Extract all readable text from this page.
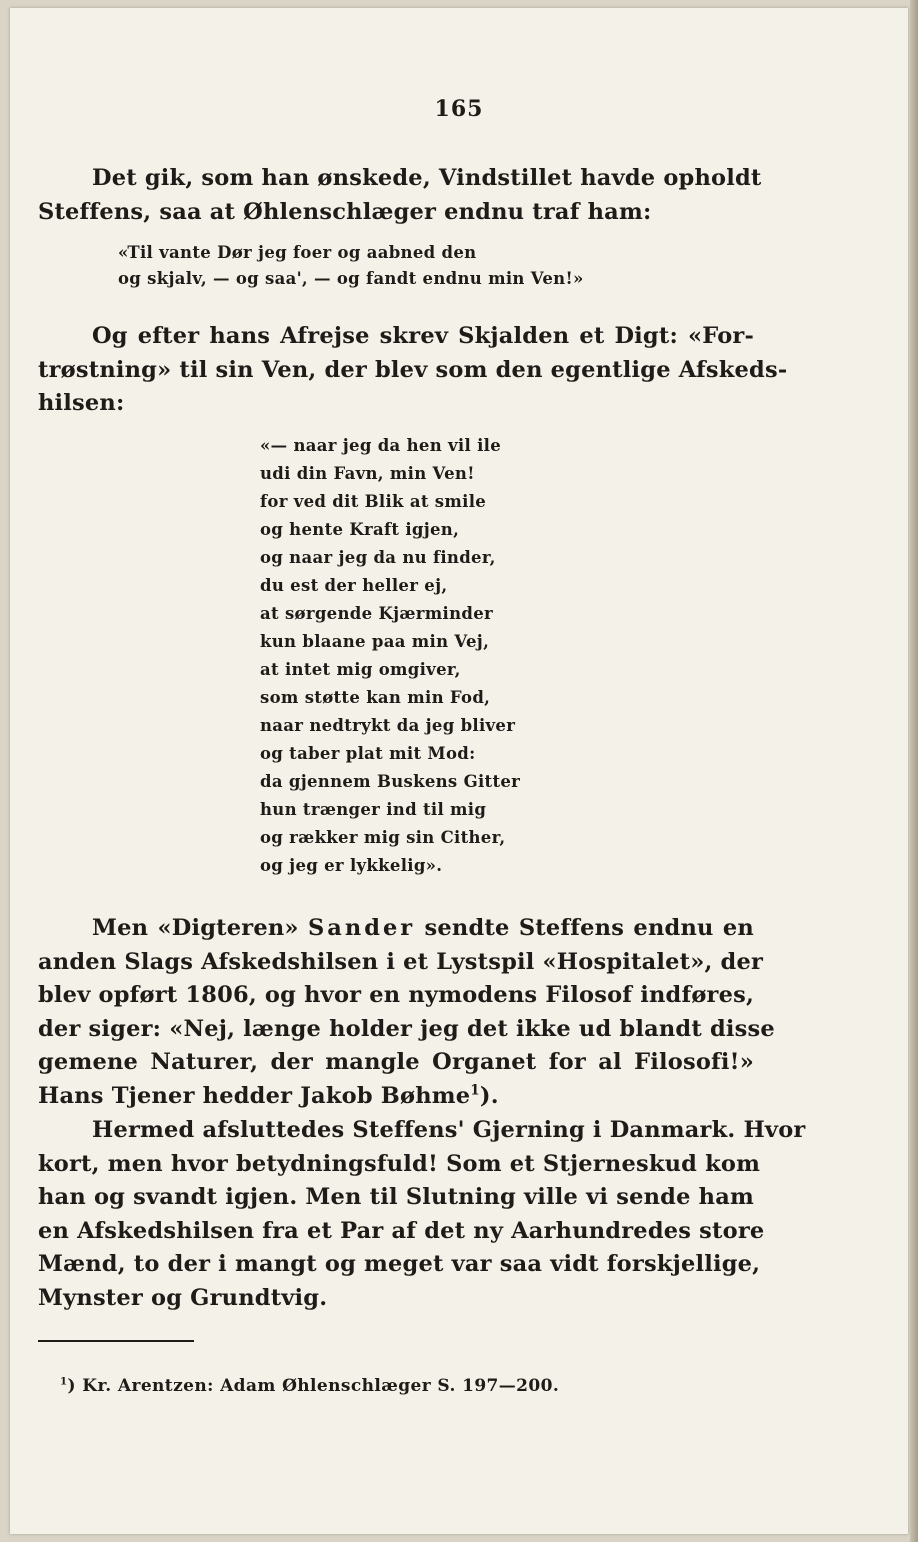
165
Det gik, som han ønskede, Vindstillet havde opholdt
Steffens, saa at Øhlenschlæger endnu traf ham:
«Til vante Dør jeg foer og aabned den
og skjalv, — og saa', — og fandt endnu min Ven!»
Og efter hans Afrejse skrev Skjalden et Digt: «For-
trøstning» til sin Ven, der blev som den egentlige Afskeds-
hilsen:
«— naar jeg da hen vil ile
udi din Favn, min Ven!
for ved dit Blik at smile
og hente Kraft igjen,
og naar jeg da nu finder,
du est der heller ej,
at sørgende Kjærminder
kun blaane paa min Vej,
at intet mig omgiver,
som støtte kan min Fod,
naar nedtrykt da jeg bliver
og taber plat mit Mod:
da gjennem Buskens Gitter
hun trænger ind til mig
og rækker mig sin Cither,
og jeg er lykkelig».
Men «Digteren» Sander sendte Steffens endnu en
anden Slags Afskedshilsen i et Lystspil «Hospitalet», der
blev opført 1806, og hvor en nymodens Filosof indføres,
der siger: «Nej, længe holder jeg det ikke ud blandt disse
gemene Naturer, der mangle Organet for al Filosofi!»
Hans Tjener hedder Jakob Bøhme$^1$).
Hermed afsluttedes Steffens' Gjerning i Danmark. Hvor
kort, men hvor betydningsfuld! Som et Stjerneskud kom
han og svandt igjen. Men til Slutning ville vi sende ham
en Afskedshilsen fra et Par af det ny Aarhundredes store
Mænd, to der i mangt og meget var saa vidt forskjellige,
Mynster og Grundtvig.
$^1$) Kr. Arentzen: Adam Øhlenschlæger S. 197—200.
